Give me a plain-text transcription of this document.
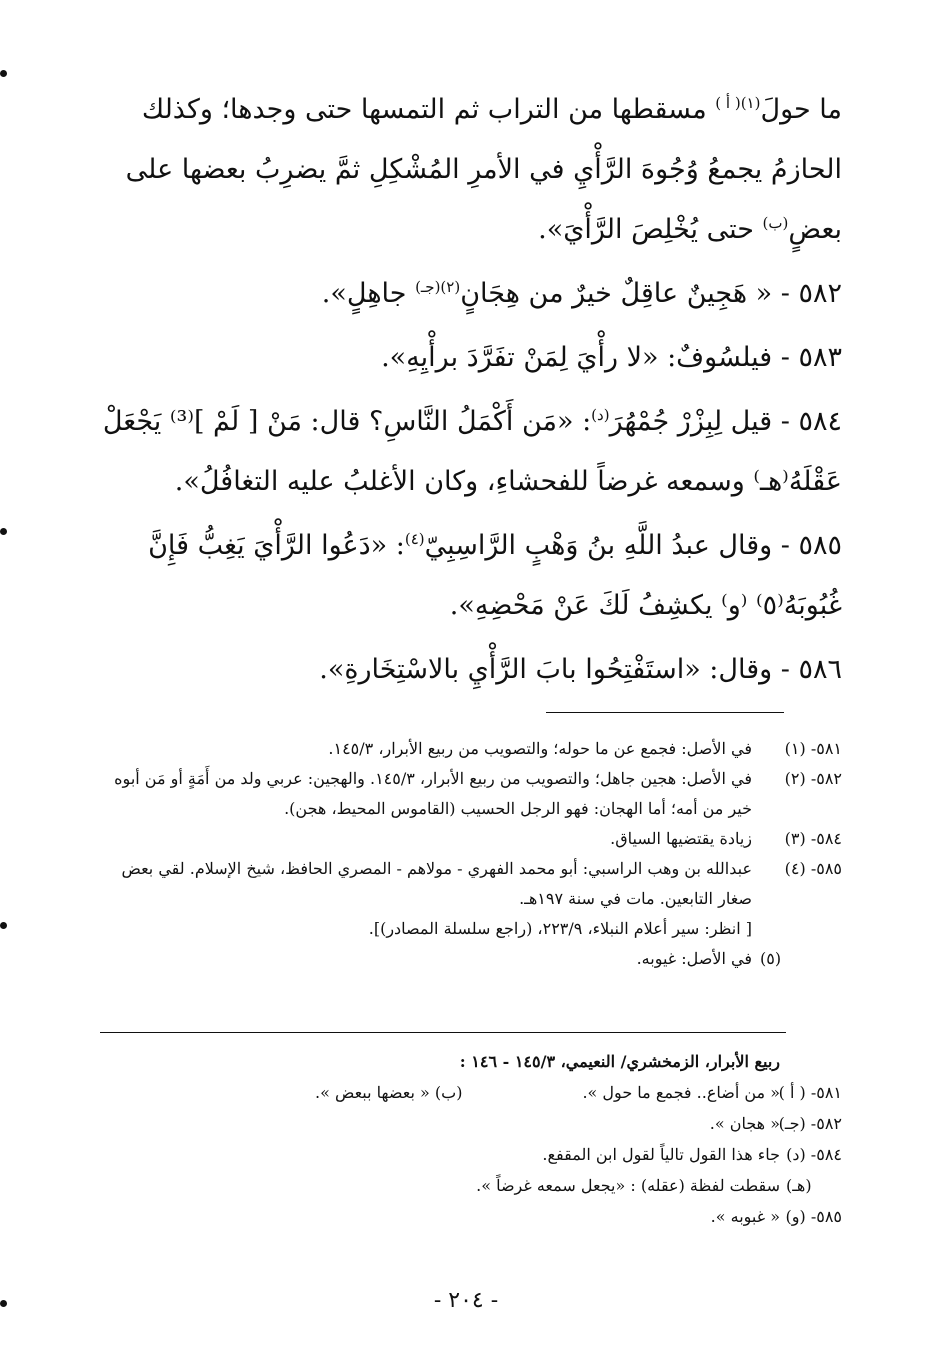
ما حولَ$^{(١)( أ )}$ مسقطها من التراب ثم التمسها حتى وجدها؛ وكذلك الحازمُ يجمعُ وُجُوهَ الرَّأْيِ في الأمرِ المُشْكِلِ ثمَّ يضرِبُ بعضها على بعضٍ$^{(ب)}$ حتى يُخْلِصَ الرَّأْيَ».

٥٨٢ - « هَجِينٌ عاقِلٌ خيرٌ من هِجَانٍ$^{(٢)(جـ)}$ جاهِلٍ».

٥٨٣ - فيلسُوفٌ: «لا رأْيَ لِمَنْ تفَرَّدَ برأْيِهِ».

٥٨٤ - قيل لِبِزْرْ جُمْهُرَ$^{(د)}$: «مَن أَكْمَلُ النَّاسِ؟ قال: مَنْ [ لَمْ ]⁽³⁾ يَجْعَلْ عَقْلَهُ⁽هـ⁾ وسمعه غرضاً للفحشاءِ، وكان الأغلبُ عليه التغافُلُ».

٥٨٥ - وقال عبدُ اللَّهِ بنُ وَهْبٍ الرَّاسِبِيّ$^{(٤)}$: «دَعُوا الرَّأْيَ يَغِبُّ فَإِنَّ غُبُوبَهُ⁽٥⁾ ⁽و⁾ يكشِفُ لَكَ عَنْ مَحْضِهِ».

٥٨٦ - وقال: «استَفْتِحُوا بابَ الرَّأْيِ بالاسْتِخَارةِ».

٥٨١- (١)
في الأصل: فجمع عن ما حوله؛ والتصويب من ربيع الأبرار، ١٤٥/٣.
٥٨٢- (٢)
في الأصل: هجين جاهل؛ والتصويب من ربيع الأبرار، ١٤٥/٣. والهجين: عربي ولد من أَمَةٍ أو مَن أبوه خير من أمه؛ أما الهجان: فهو الرجل الحسيب (القاموس المحيط، هجن).
٥٨٤- (٣)
زيادة يقتضيها السياق.
٥٨٥- (٤)
عبدالله بن وهب الراسبي: أبو محمد الفهري - مولاهم - المصري الحافظ، شيخ الإسلام. لقي بعض صغار التابعين. مات في سنة ١٩٧هـ.
[ انظر: سير أعلام النبلاء، ٢٢٣/٩، (راجع سلسلة المصادر)].
(٥)
في الأصل: غيوبه.
ربيع الأبرار، الزمخشري/ النعيمي، ١٤٥/٣ - ١٤٦ :
٥٨١- ( أ )
« من أضاع.. فجمع ما حول ».
(ب) « بعضها ببعض ».
٥٨٢- (جـ)
« هجان ».
٥٨٤- (د)
جاء هذا القول تالياً لقول ابن المقفع.
(هـ)
سقطت لفظة (عقله) : «يجعل سمعه غرضاً ».
٥٨٥- (و)
« غبوبه ».
- ٢٠٤ -
